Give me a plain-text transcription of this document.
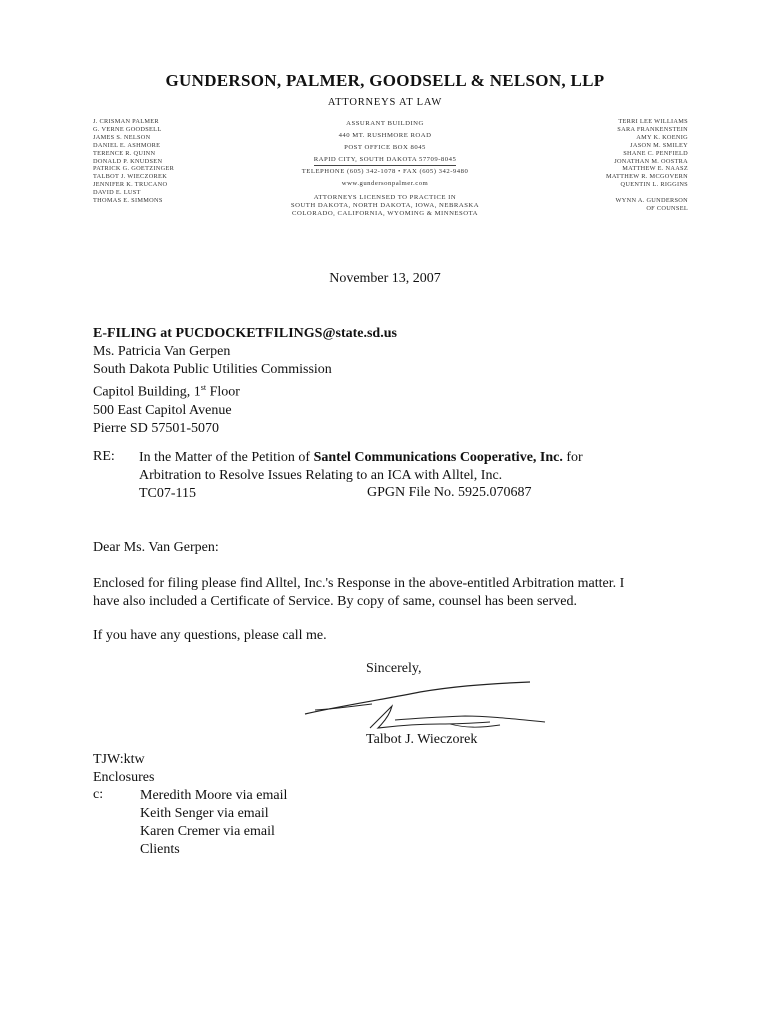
GUNDERSON, PALMER, GOODSELL & NELSON, LLP
ATTORNEYS AT LAW
J. CRISMAN PALMER
G. VERNE GOODSELL
JAMES S. NELSON
DANIEL E. ASHMORE
TERENCE R. QUINN
DONALD P. KNUDSEN
PATRICK G. GOETZINGER
TALBOT J. WIECZOREK
JENNIFER K. TRUCANO
DAVID E. LUST
THOMAS E. SIMMONS
ASSURANT BUILDING
440 MT. RUSHMORE ROAD
POST OFFICE BOX 8045
RAPID CITY, SOUTH DAKOTA 57709-8045
TELEPHONE (605) 342-1078 • FAX (605) 342-9480
www.gundersonpalmer.com
ATTORNEYS LICENSED TO PRACTICE IN
SOUTH DAKOTA, NORTH DAKOTA, IOWA, NEBRASKA
COLORADO, CALIFORNIA, WYOMING & MINNESOTA
TERRI LEE WILLIAMS
SARA FRANKENSTEIN
AMY K. KOENIG
JASON M. SMILEY
SHANE C. PENFIELD
JONATHAN M. OOSTRA
MATTHEW E. NAASZ
MATTHEW R. MCGOVERN
QUENTIN L. RIGGINS

WYNN A. GUNDERSON
OF COUNSEL
November 13, 2007
E-FILING at PUCDOCKETFILINGS@state.sd.us
Ms. Patricia Van Gerpen
South Dakota Public Utilities Commission
Capitol Building, 1st Floor
500 East Capitol Avenue
Pierre SD 57501-5070
RE: In the Matter of the Petition of Santel Communications Cooperative, Inc. for
Arbitration to Resolve Issues Relating to an ICA with Alltel, Inc.
TC07-115	GPGN File No. 5925.070687
Dear Ms. Van Gerpen:
Enclosed for filing please find Alltel, Inc.'s Response in the above-entitled Arbitration matter. I
have also included a Certificate of Service. By copy of same, counsel has been served.
If you have any questions, please call me.
Sincerely,
Talbot J. Wieczorek
TJW:ktw
Enclosures
c:	Meredith Moore via email
Keith Senger via email
Karen Cremer via email
Clients
